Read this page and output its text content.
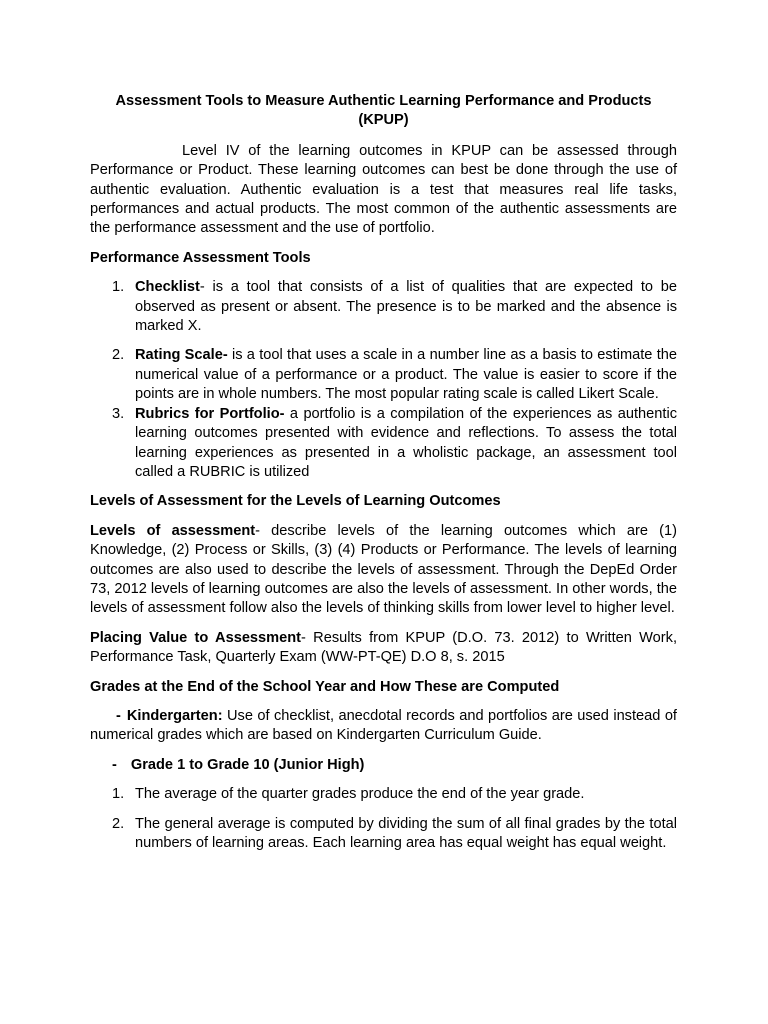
Assessment Tools to Measure Authentic Learning Performance and Products
(KPUP)

Level IV of the learning outcomes in KPUP can be assessed through Performance or Product. These learning outcomes can best be done through the use of authentic evaluation. Authentic evaluation is a test that measures real life tasks, performances and actual products. The most common of the authentic assessments are the performance assessment and the use of portfolio.

Performance Assessment Tools

1. Checklist- is a tool that consists of a list of qualities that are expected to be observed as present or absent. The presence is to be marked and the absence is marked X.
2. Rating Scale- is a tool that uses a scale in a number line as a basis to estimate the numerical value of a performance or a product. The value is easier to score if the points are in whole numbers. The most popular rating scale is called Likert Scale.
3. Rubrics for Portfolio- a portfolio is a compilation of the experiences as authentic learning outcomes presented with evidence and reflections. To assess the total learning experiences as presented in a wholistic package, an assessment tool called a RUBRIC is utilized

Levels of Assessment for the Levels of Learning Outcomes

Levels of assessment- describe levels of the learning outcomes which are (1) Knowledge, (2) Process or Skills, (3) (4) Products or Performance. The levels of learning outcomes are also used to describe the levels of assessment. Through the DepEd Order 73, 2012 levels of learning outcomes are also the levels of assessment. In other words, the levels of assessment follow also the levels of thinking skills from lower level to higher level.

Placing Value to Assessment- Results from KPUP (D.O. 73. 2012) to Written Work, Performance Task, Quarterly Exam (WW-PT-QE) D.O 8, s. 2015

Grades at the End of the School Year and How These are Computed

- Kindergarten: Use of checklist, anecdotal records and portfolios are used instead of numerical grades which are based on Kindergarten Curriculum Guide.

- Grade 1 to Grade 10 (Junior High)

1. The average of the quarter grades produce the end of the year grade.
2. The general average is computed by dividing the sum of all final grades by the total numbers of learning areas. Each learning area has equal weight has equal weight.
